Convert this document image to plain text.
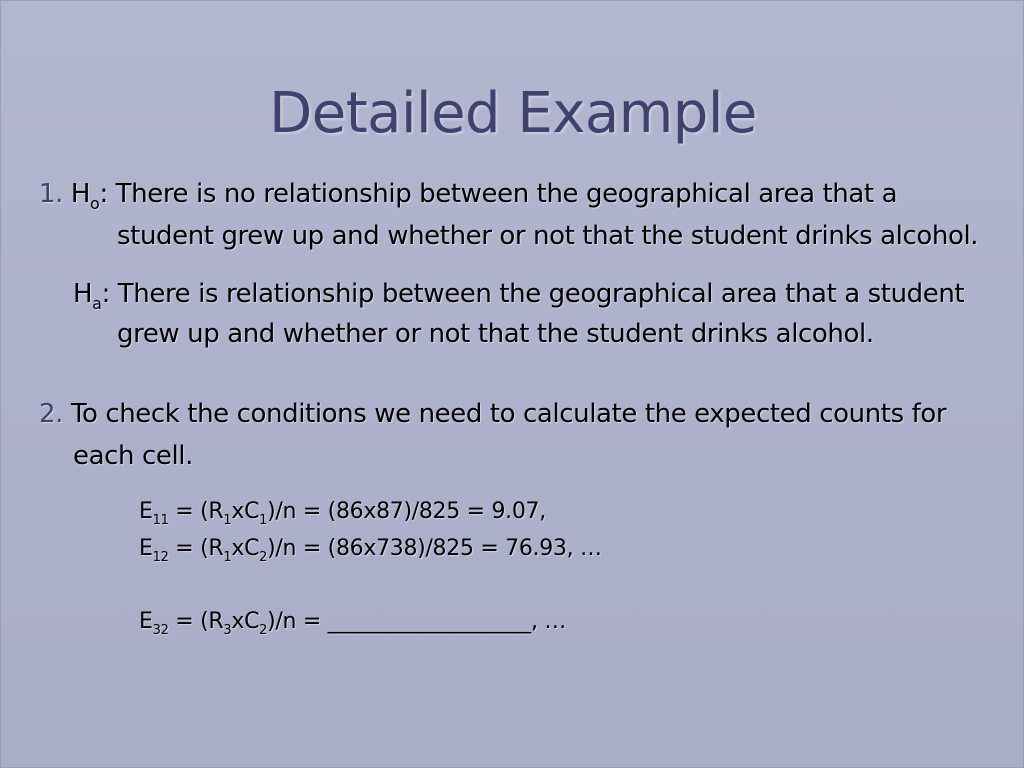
Detailed Example
1. $H_o$: There is no relationship between the geographical area that a
student grew up and whether or not that the student drinks alcohol.
$H_a$: There is relationship between the geographical area that a student
grew up and whether or not that the student drinks alcohol.
2. To check the conditions we need to calculate the expected counts for
each cell.
$E_{11} = (R_1xC_1)/n = (86x87)/825 = 9.07$,
$E_{12} = (R_1xC_2)/n = (86x738)/825 = 76.93$, …
$E_{32} = (R_3xC_2)/n$ = ___________________, …
